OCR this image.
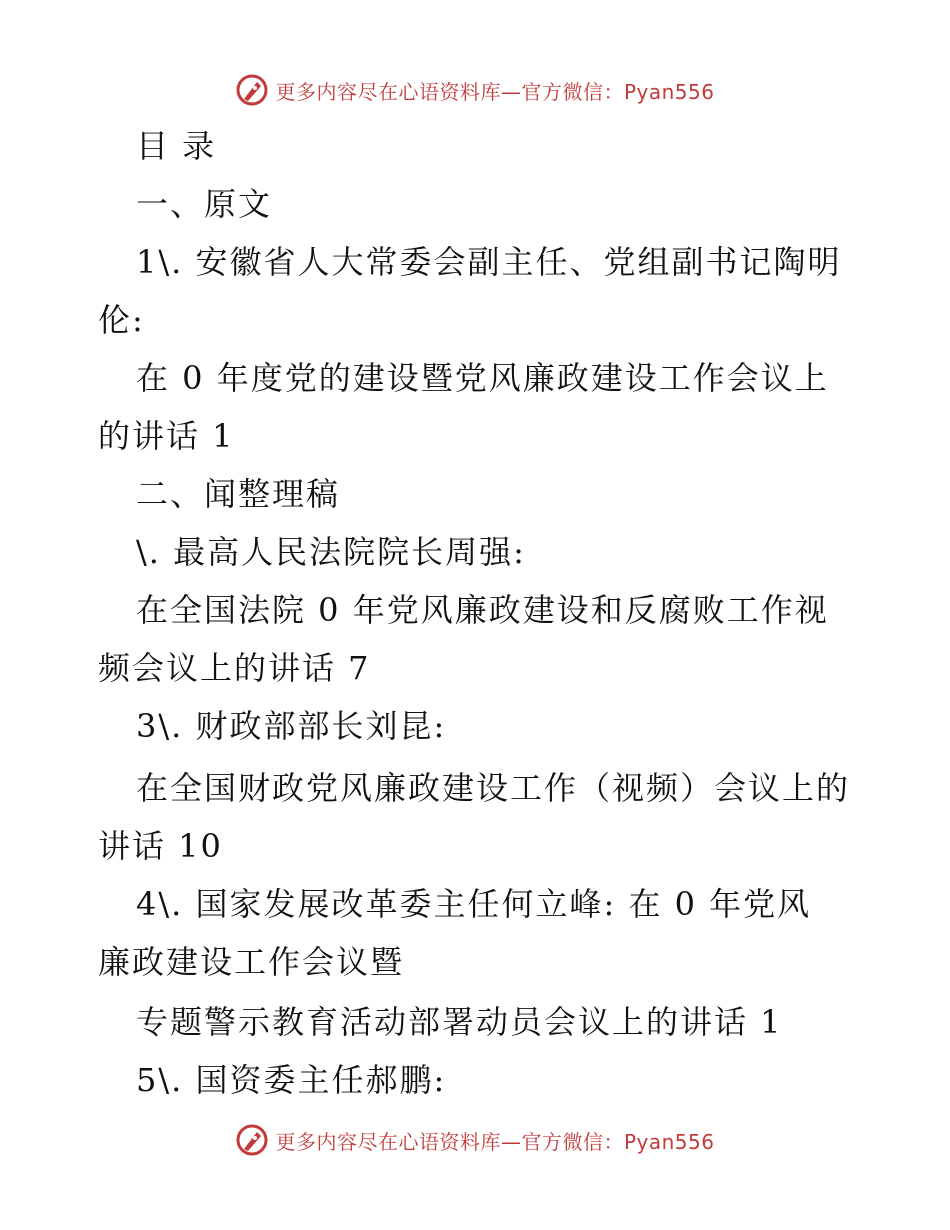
更多内容尽在心语资料库—官方微信：Pyan556
目 录
一、原文
1\. 安徽省人大常委会副主任、党组副书记陶明
伦:
在 0 年度党的建设暨党风廉政建设工作会议上
的讲话 1
二、闻整理稿
\. 最高人民法院院长周强:
在全国法院 0 年党风廉政建设和反腐败工作视
频会议上的讲话 7
3\. 财政部部长刘昆:
在全国财政党风廉政建设工作（视频）会议上的
讲话 10
4\. 国家发展改革委主任何立峰: 在 0 年党风
廉政建设工作会议暨
专题警示教育活动部署动员会议上的讲话 1
5\. 国资委主任郝鹏:
更多内容尽在心语资料库—官方微信：Pyan556
